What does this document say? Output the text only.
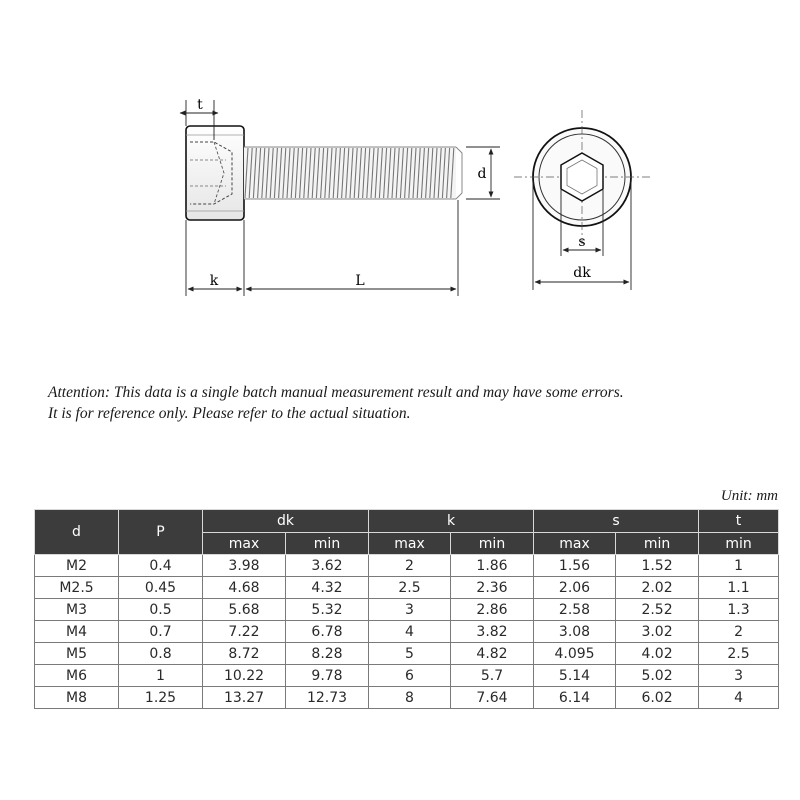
t
d
k	L
s
dk
Attention: This data is a single batch manual measurement result and may have some errors.
It is for reference only. Please refer to the actual situation.
Unit: mm
d	P	dk		k		s		t
		max	min	max	min	max	min	min
M2	0.4	3.98	3.62	2	1.86	1.56	1.52	1
M2.5	0.45	4.68	4.32	2.5	2.36	2.06	2.02	1.1
M3	0.5	5.68	5.32	3	2.86	2.58	2.52	1.3
M4	0.7	7.22	6.78	4	3.82	3.08	3.02	2
M5	0.8	8.72	8.28	5	4.82	4.095	4.02	2.5
M6	1	10.22	9.78	6	5.7	5.14	5.02	3
M8	1.25	13.27	12.73	8	7.64	6.14	6.02	4
